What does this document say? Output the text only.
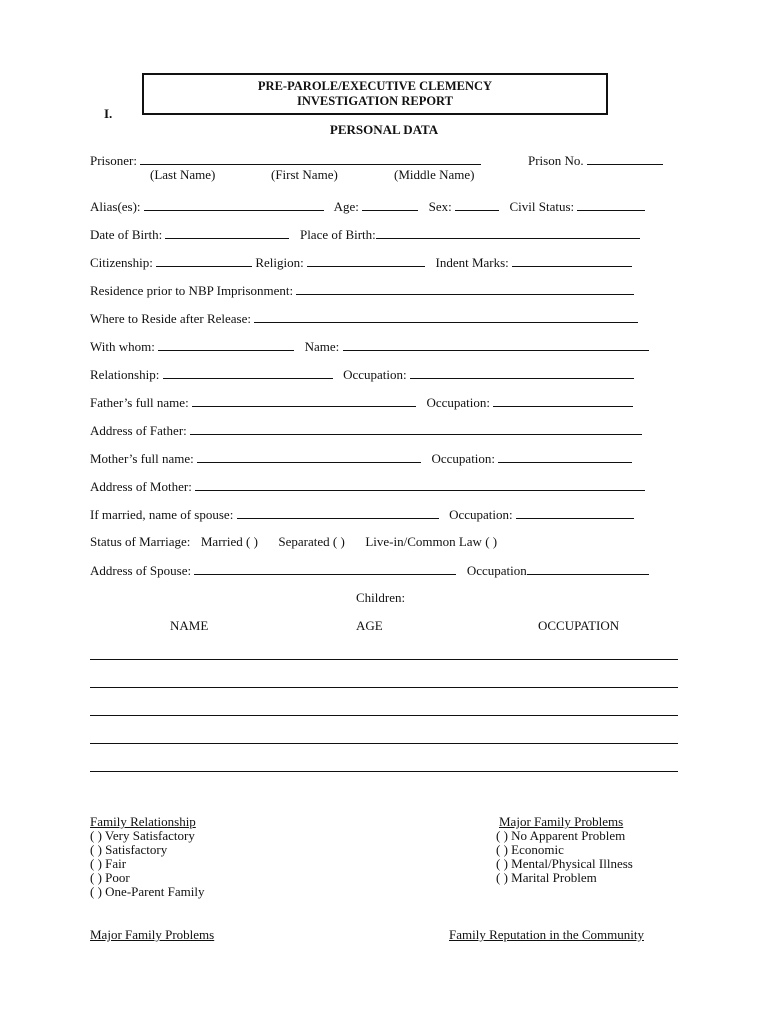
PRE-PAROLE/EXECUTIVE CLEMENCY
INVESTIGATION REPORT
I.
PERSONAL DATA
Prisoner:	Prison No.
(Last Name)	(First Name)	(Middle Name)
Alias(es):	Age:	Sex:	Civil Status:
Date of Birth:	Place of Birth:
Citizenship:	Religion:	Indent Marks:
Residence prior to NBP Imprisonment:
Where to Reside after Release:
With whom:	Name:
Relationship:	Occupation:
Father’s full name:	Occupation:
Address of Father:
Mother’s full name:	Occupation:
Address of Mother:
If married, name of spouse:	Occupation:
Status of Marriage: Married ( ) Separated ( ) Live-in/Common Law ( )
Address of Spouse:	Occupation
Children:
NAME	AGE	OCCUPATION
Family Relationship
( ) Very Satisfactory
( ) Satisfactory
( ) Fair
( ) Poor
( ) One-Parent Family
Major Family Problems
( ) No Apparent Problem
( ) Economic
( ) Mental/Physical Illness
( ) Marital Problem
Major Family Problems	Family Reputation in the Community
